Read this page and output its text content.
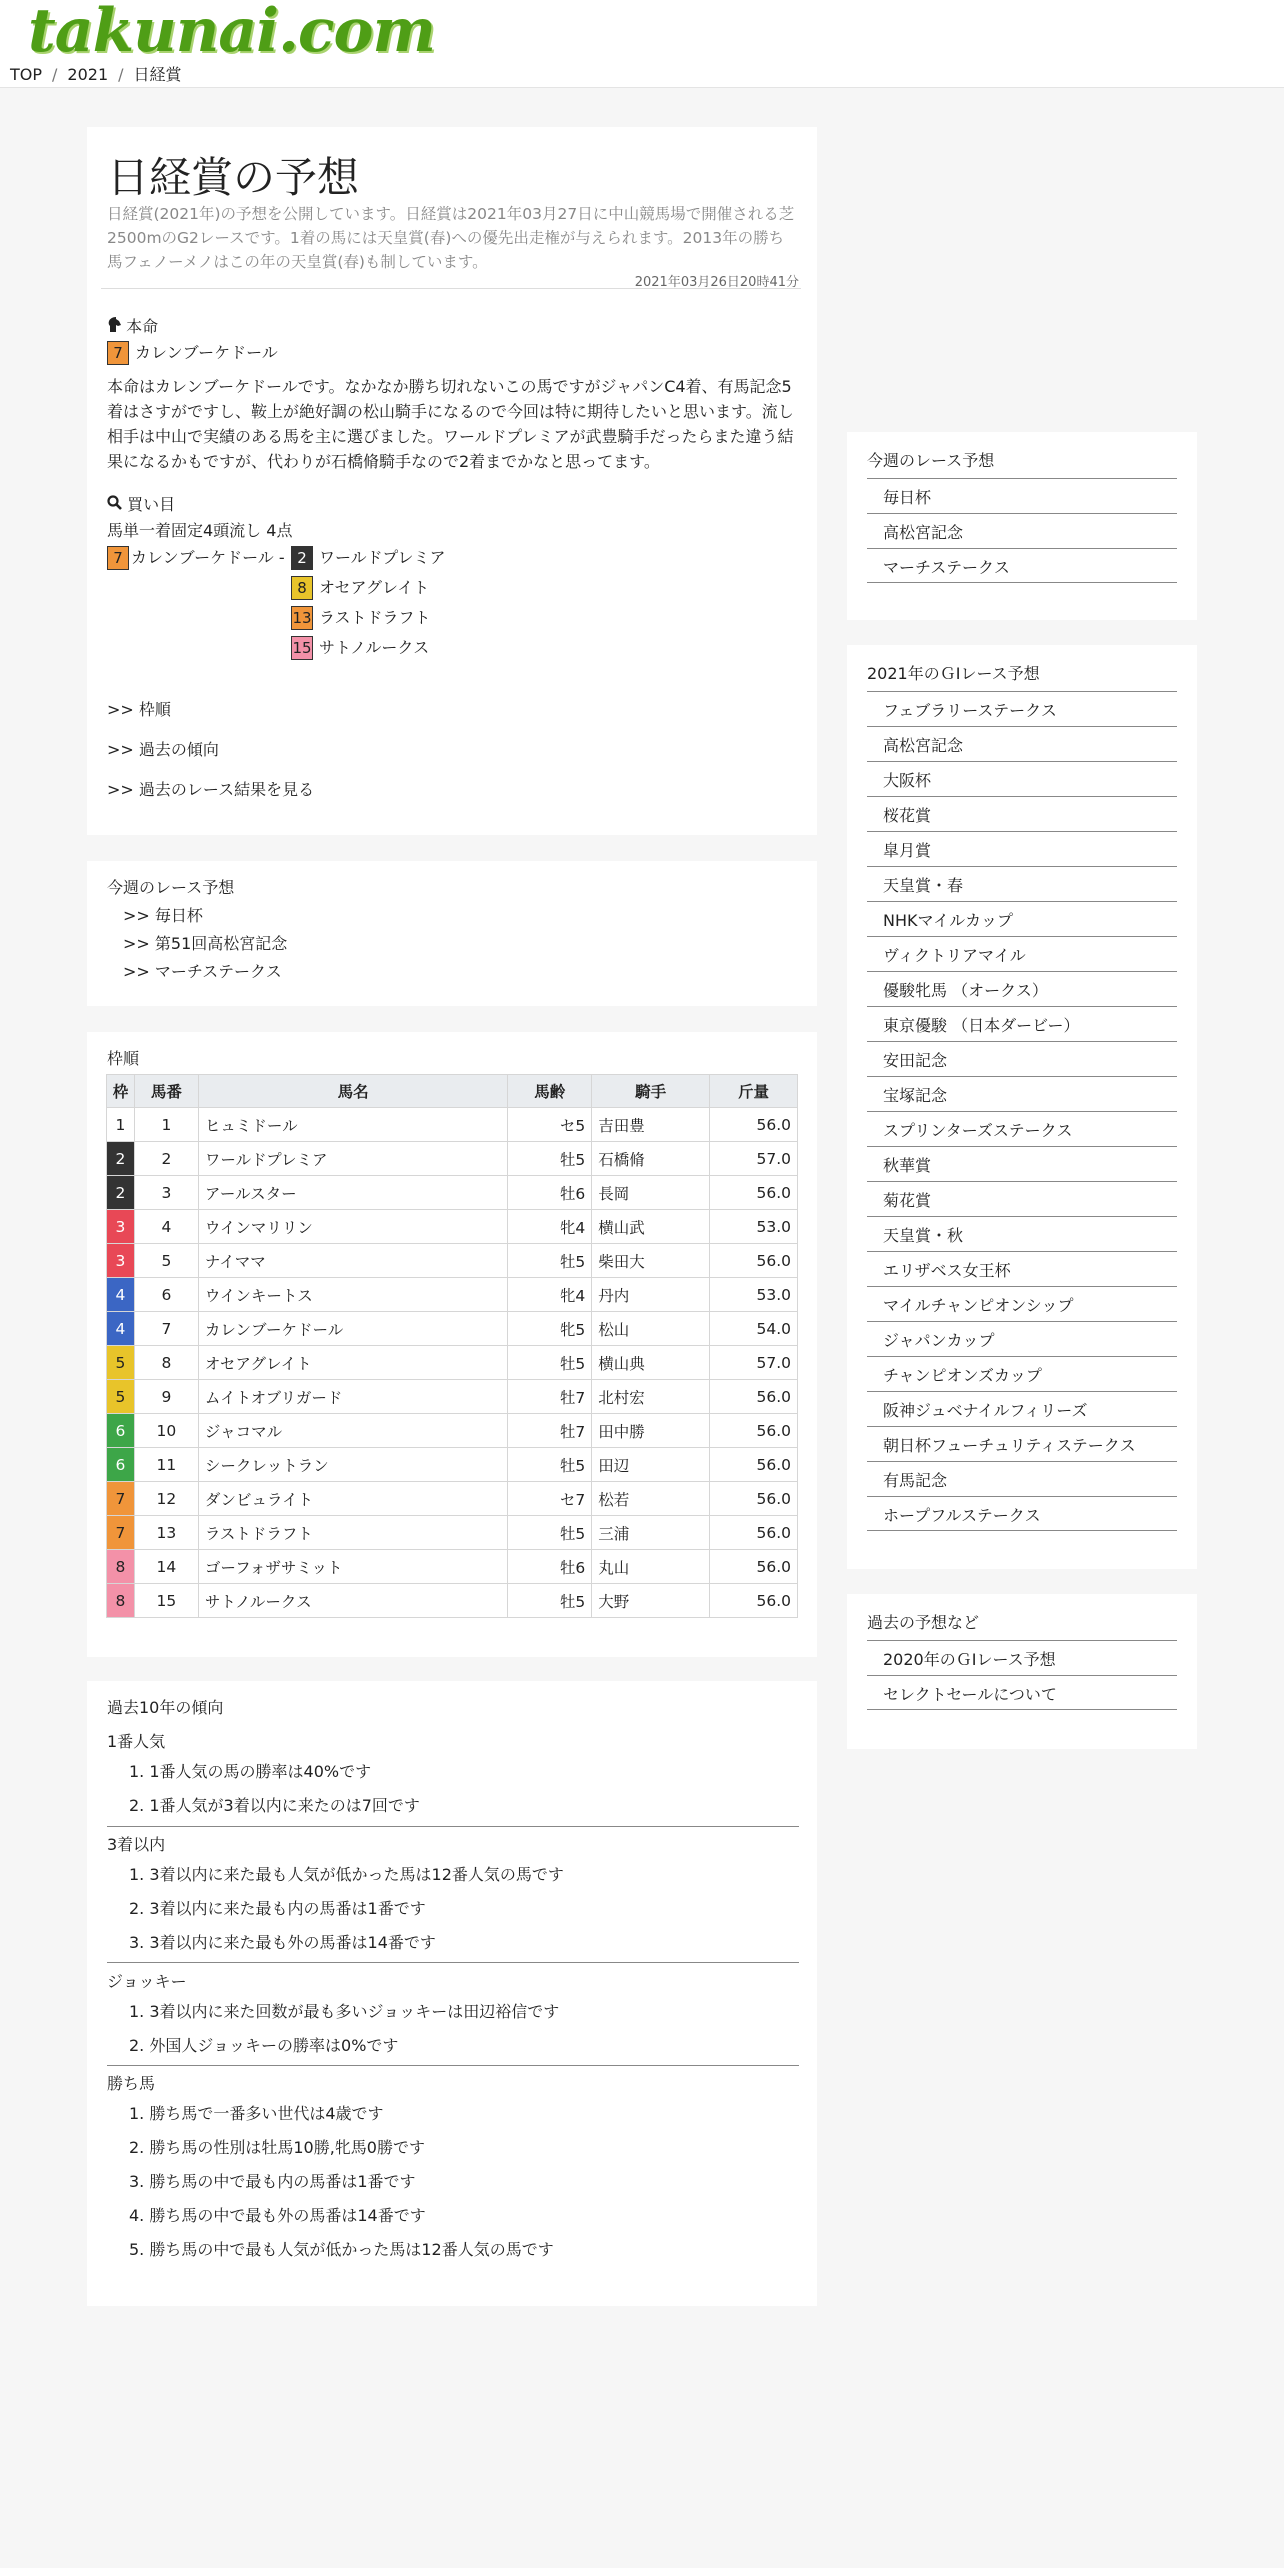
takunai.com
TOP / 2021 / 日経賞
日経賞の予想

日経賞(2021年)の予想を公開しています。日経賞は2021年03月27日に中山競馬場で開催される芝2500mのG2レースです。1着の馬には天皇賞(春)への優先出走権が与えられます。2013年の勝ち馬フェノーメノはこの年の天皇賞(春)も制しています。

2021年03月26日20時41分
本命
7 カレンブーケドール

本命はカレンブーケドールです。なかなか勝ち切れないこの馬ですがジャパンC4着、有馬記念5着はさすがですし、鞍上が絶好調の松山騎手になるので今回は特に期待したいと思います。流し相手は中山で実績のある馬を主に選びました。ワールドプレミアが武豊騎手だったらまた違う結果になるかもですが、代わりが石橋脩騎手なので2着までかなと思ってます。

買い目
馬単一着固定4頭流し 4点
7 カレンブーケドール - 2 ワールドプレミア
8 オセアグレイト
13 ラストドラフト
15 サトノルークス
>> 枠順
>> 過去の傾向
>> 過去のレース結果を見る
今週のレース予想
>> 毎日杯
>> 第51回高松宮記念
>> マーチステークス
枠順
枠	馬番	馬名	馬齢	騎手	斤量
1	1	ヒュミドール	セ5	吉田豊	56.0
2	2	ワールドプレミア	牡5	石橋脩	57.0
2	3	アールスター	牡6	長岡	56.0
3	4	ウインマリリン	牝4	横山武	53.0
3	5	ナイママ	牡5	柴田大	56.0
4	6	ウインキートス	牝4	丹内	53.0
4	7	カレンブーケドール	牝5	松山	54.0
5	8	オセアグレイト	牡5	横山典	57.0
5	9	ムイトオブリガード	牡7	北村宏	56.0
6	10	ジャコマル	牡7	田中勝	56.0
6	11	シークレットラン	牡5	田辺	56.0
7	12	ダンビュライト	セ7	松若	56.0
7	13	ラストドラフト	牡5	三浦	56.0
8	14	ゴーフォザサミット	牡6	丸山	56.0
8	15	サトノルークス	牡5	大野	56.0
過去10年の傾向
1番人気
1. 1番人気の馬の勝率は40%です
2. 1番人気が3着以内に来たのは7回です
3着以内
1. 3着以内に来た最も人気が低かった馬は12番人気の馬です
2. 3着以内に来た最も内の馬番は1番です
3. 3着以内に来た最も外の馬番は14番です
ジョッキー
1. 3着以内に来た回数が最も多いジョッキーは田辺裕信です
2. 外国人ジョッキーの勝率は0%です
勝ち馬
1. 勝ち馬で一番多い世代は4歳です
2. 勝ち馬の性別は牡馬10勝,牝馬0勝です
3. 勝ち馬の中で最も内の馬番は1番です
4. 勝ち馬の中で最も外の馬番は14番です
5. 勝ち馬の中で最も人気が低かった馬は12番人気の馬です
今週のレース予想
毎日杯
高松宮記念
マーチステークス
2021年のＧⅠレース予想
フェブラリーステークス
高松宮記念
大阪杯
桜花賞
皐月賞
天皇賞・春
NHKマイルカップ
ヴィクトリアマイル
優駿牝馬 （オークス）
東京優駿 （日本ダービー）
安田記念
宝塚記念
スプリンターズステークス
秋華賞
菊花賞
天皇賞・秋
エリザベス女王杯
マイルチャンピオンシップ
ジャパンカップ
チャンピオンズカップ
阪神ジュベナイルフィリーズ
朝日杯フューチュリティステークス
有馬記念
ホープフルステークス
過去の予想など
2020年のＧⅠレース予想
セレクトセールについて
